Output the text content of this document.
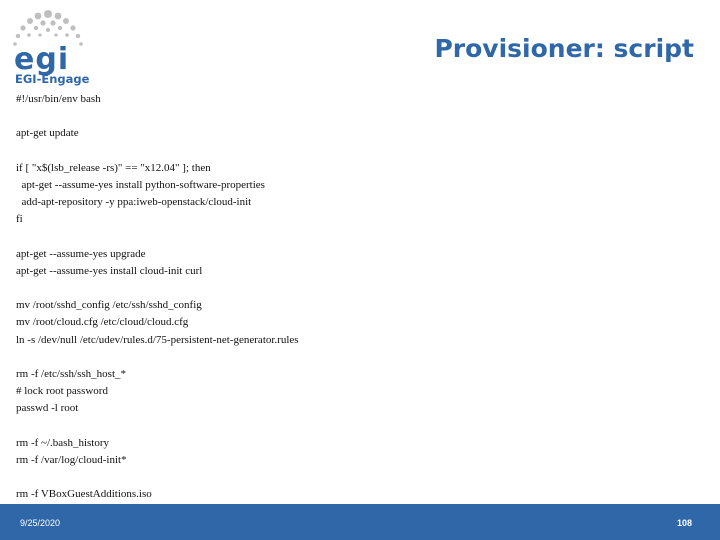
egi
EGI-Engage
Provisioner: script
#!/usr/bin/env bash
apt-get update
if [ "x$(lsb_release -rs)" == "x12.04" ]; then
apt-get --assume-yes install python-software-properties
add-apt-repository -y ppa:iweb-openstack/cloud-init
fi
apt-get --assume-yes upgrade
apt-get --assume-yes install cloud-init curl
mv /root/sshd_config /etc/ssh/sshd_config
mv /root/cloud.cfg /etc/cloud/cloud.cfg
ln -s /dev/null /etc/udev/rules.d/75-persistent-net-generator.rules
rm -f /etc/ssh/ssh_host_*
# lock root password
passwd -l root
rm -f ~/.bash_history
rm -f /var/log/cloud-init*
rm -f VBoxGuestAdditions.iso
9/25/2020	108
